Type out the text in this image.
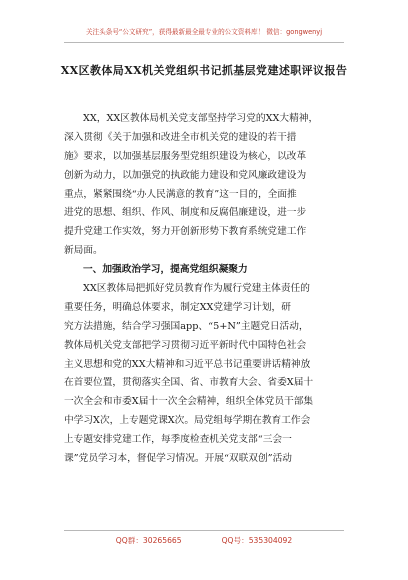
关注头条号“公文研究”，获得最新最全最专业的公文资料库！ 微信：gongwenyj
XX区教体局XX机关党组织书记抓基层党建述职评议报告
XX，XX区教体局机关党支部坚持学习党的XX大精神，
深入贯彻《关于加强和改进全市机关党的建设的若干措
施》要求，以加强基层服务型党组织建设为核心，以改革
创新为动力，以加强党的执政能力建设和党风廉政建设为
重点，紧紧围绕“办人民满意的教育”这一目的，全面推
进党的思想、组织、作风、制度和反腐倡廉建设，进一步
提升党建工作实效，努力开创新形势下教育系统党建工作
新局面。
一、加强政治学习，提高党组织凝聚力
XX区教体局把抓好党员教育作为履行党建主体责任的
重要任务，明确总体要求，制定XX党建学习计划，研
究方法措施，结合学习强国app、“5+N”主题党日活动，
教体局机关党支部把学习贯彻习近平新时代中国特色社会
主义思想和党的XX大精神和习近平总书记重要讲话精神放
在首要位置，贯彻落实全国、省、市教育大会、省委X届十
一次全会和市委X届十一次全会精神，组织全体党员干部集
中学习X次，上专题党课X次。局党组每学期在教育工作会
上专题安排党建工作，每季度检查机关党支部“三会一
课”党员学习本，督促学习情况。开展“双联双创”活动
QQ群：30265665	QQ号：535304092
